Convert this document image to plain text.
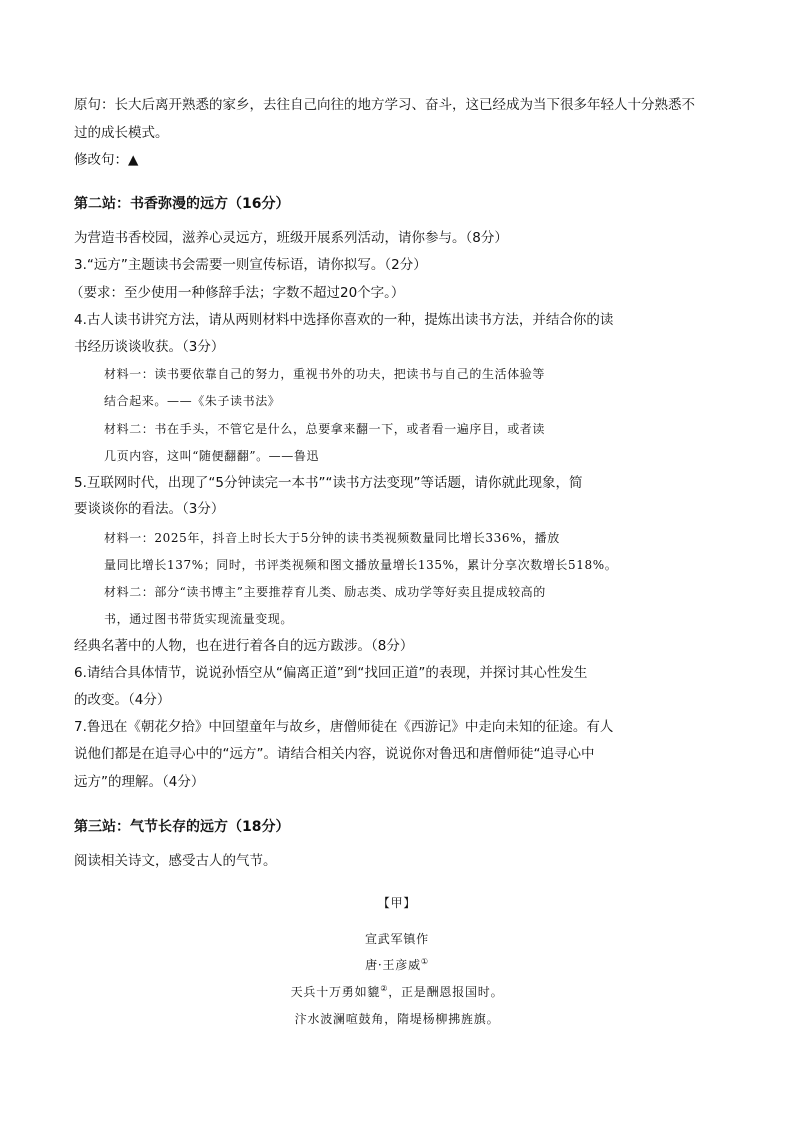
原句：长大后离开熟悉的家乡，去往自己向往的地方学习、奋斗，这已经成为当下很多年轻人十分熟悉不
过的成长模式。
修改句：▲
第二站：书香弥漫的远方（16分）
为营造书香校园，滋养心灵远方，班级开展系列活动，请你参与。（8分）
3.“远方”主题读书会需要一则宣传标语，请你拟写。（2分）
（要求：至少使用一种修辞手法；字数不超过20个字。）
4.古人读书讲究方法，请从两则材料中选择你喜欢的一种，提炼出读书方法，并结合你的读
书经历谈谈收获。（3分）
材料一：读书要依靠自己的努力，重视书外的功夫，把读书与自己的生活体验等
结合起来。——《朱子读书法》
材料二：书在手头，不管它是什么，总要拿来翻一下，或者看一遍序目，或者读
几页内容，这叫“随便翻翻”。——鲁迅
5.互联网时代，出现了“5分钟读完一本书”“读书方法变现”等话题，请你就此现象，简
要谈谈你的看法。（3分）
材料一：2025年，抖音上时长大于5分钟的读书类视频数量同比增长336%，播放
量同比增长137%；同时，书评类视频和图文播放量增长135%，累计分享次数增长518%。
材料二：部分“读书博主”主要推荐育儿类、励志类、成功学等好卖且提成较高的
书，通过图书带货实现流量变现。
经典名著中的人物，也在进行着各自的远方跋涉。（8分）
6.请结合具体情节，说说孙悟空从“偏离正道”到“找回正道”的表现，并探讨其心性发生
的改变。（4分）
7.鲁迅在《朝花夕拾》中回望童年与故乡，唐僧师徒在《西游记》中走向未知的征途。有人
说他们都是在追寻心中的“远方”。请结合相关内容，说说你对鲁迅和唐僧师徒“追寻心中
远方”的理解。（4分）
第三站：气节长存的远方（18分）
阅读相关诗文，感受古人的气节。
【甲】
宣武军镇作
唐·王彦威①
天兵十万勇如貔②，正是酬恩报国时。
汴水波澜喧鼓角，隋堤杨柳拂旌旗。
